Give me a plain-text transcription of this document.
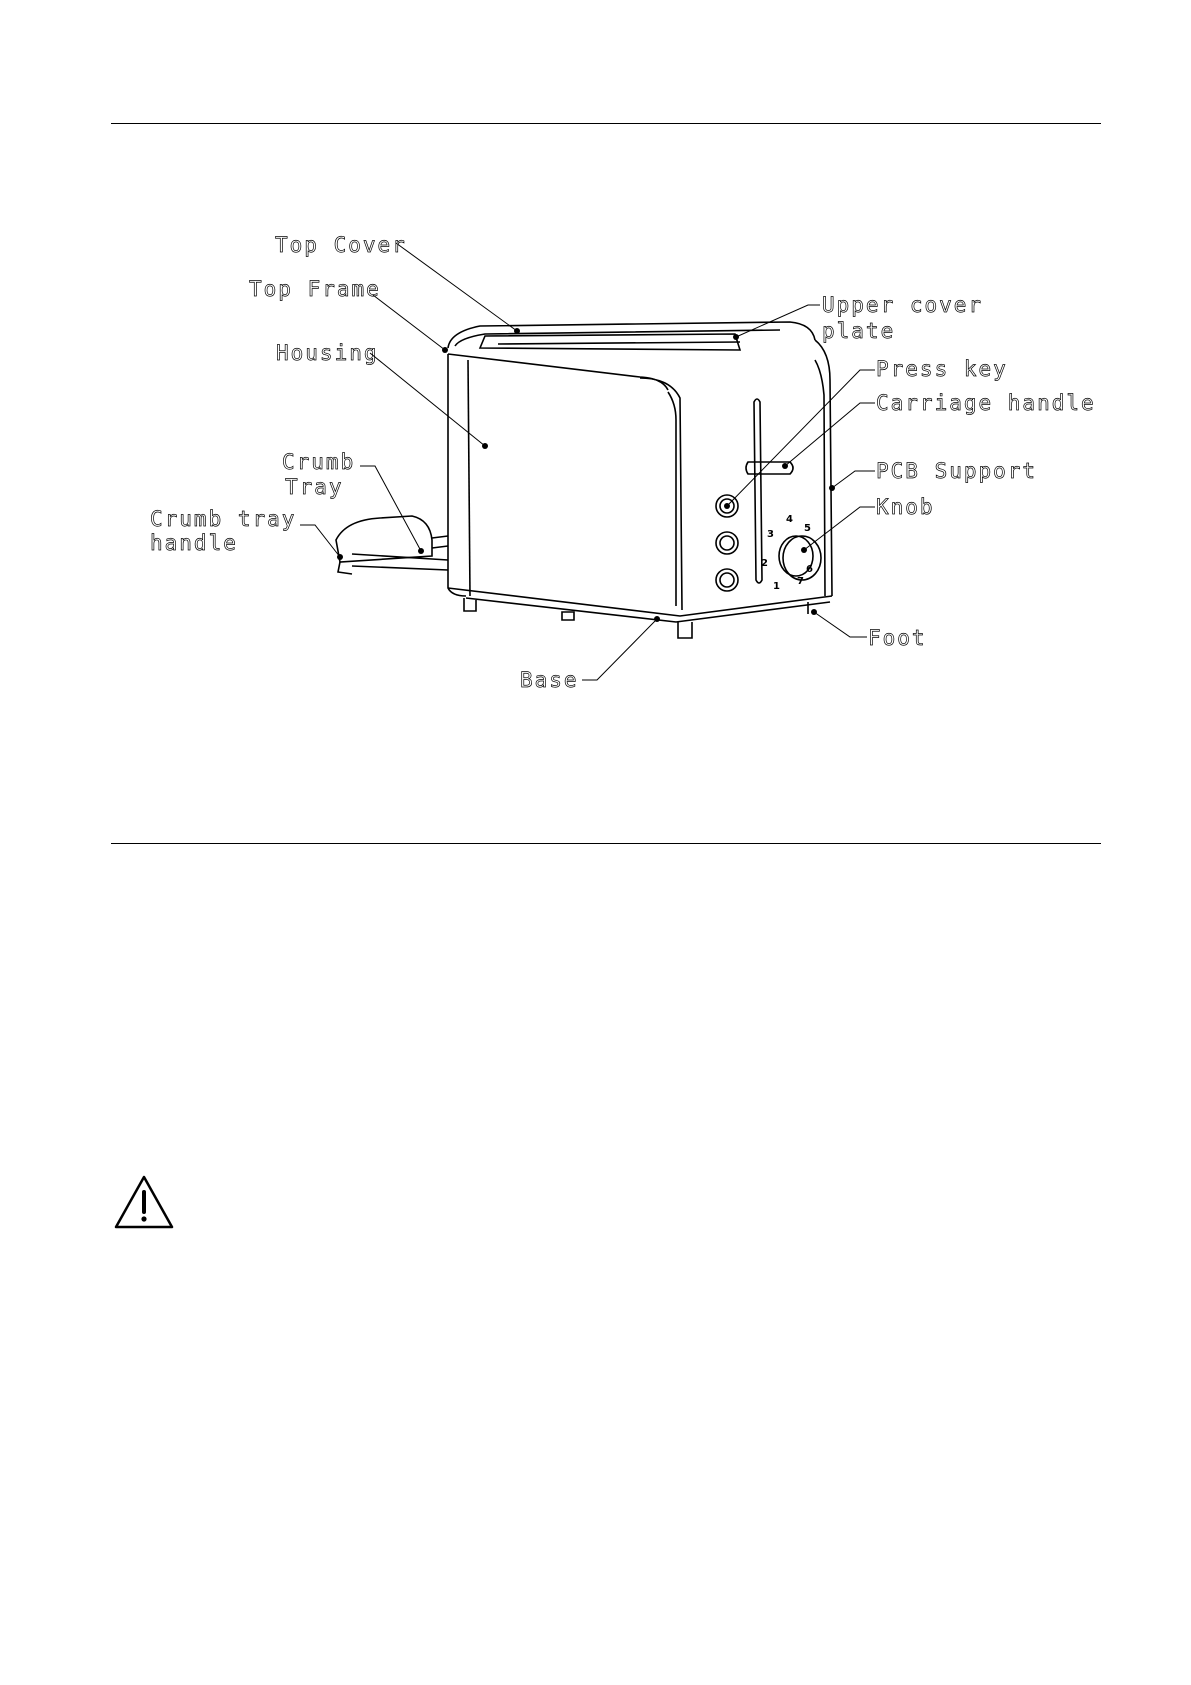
1
2
3
4
5
6
7
Top Cover
Top Frame
Housing
Crumb
Tray
Crumb tray
handle
Upper cover
plate
Press key
Carriage handle
PCB Support
Knob
Foot
Base
